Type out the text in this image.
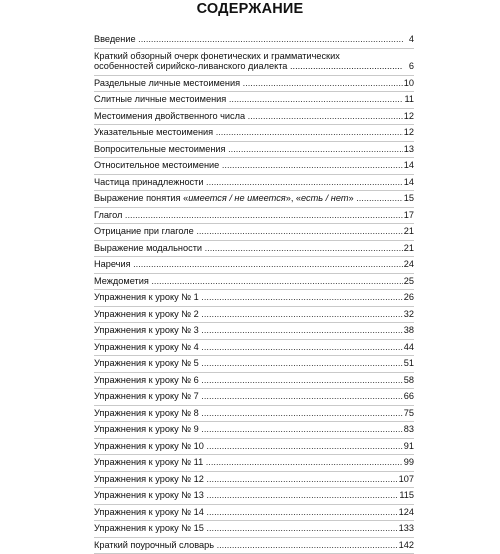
СОДЕРЖАНИЕ
Введение .....	4
Краткий обзорный очерк фонетических и грамматических
особенностей сирийско-ливанского диалекта .....	6
Раздельные личные местоимения .....	10
Слитные личные местоимения .....	11
Местоимения двойственного числа .....	12
Указательные местоимения .....	12
Вопросительные местоимения .....	13
Относительное местоимение .....	14
Частица принадлежности .....	14
Выражение понятия «имеется / не имеется», «есть / нет» .....	15
Глагол .....	17
Отрицание при глаголе .....	21
Выражение модальности .....	21
Наречия .....	24
Междометия .....	25
Упражнения к уроку № 1 .....	26
Упражнения к уроку № 2 .....	32
Упражнения к уроку № 3 .....	38
Упражнения к уроку № 4 .....	44
Упражнения к уроку № 5 .....	51
Упражнения к уроку № 6 .....	58
Упражнения к уроку № 7 .....	66
Упражнения к уроку № 8 .....	75
Упражнения к уроку № 9 .....	83
Упражнения к уроку № 10 .....	91
Упражнения к уроку № 11 .....	99
Упражнения к уроку № 12 .....	107
Упражнения к уроку № 13 .....	115
Упражнения к уроку № 14 .....	124
Упражнения к уроку № 15 .....	133
Краткий поурочный словарь .....	142
